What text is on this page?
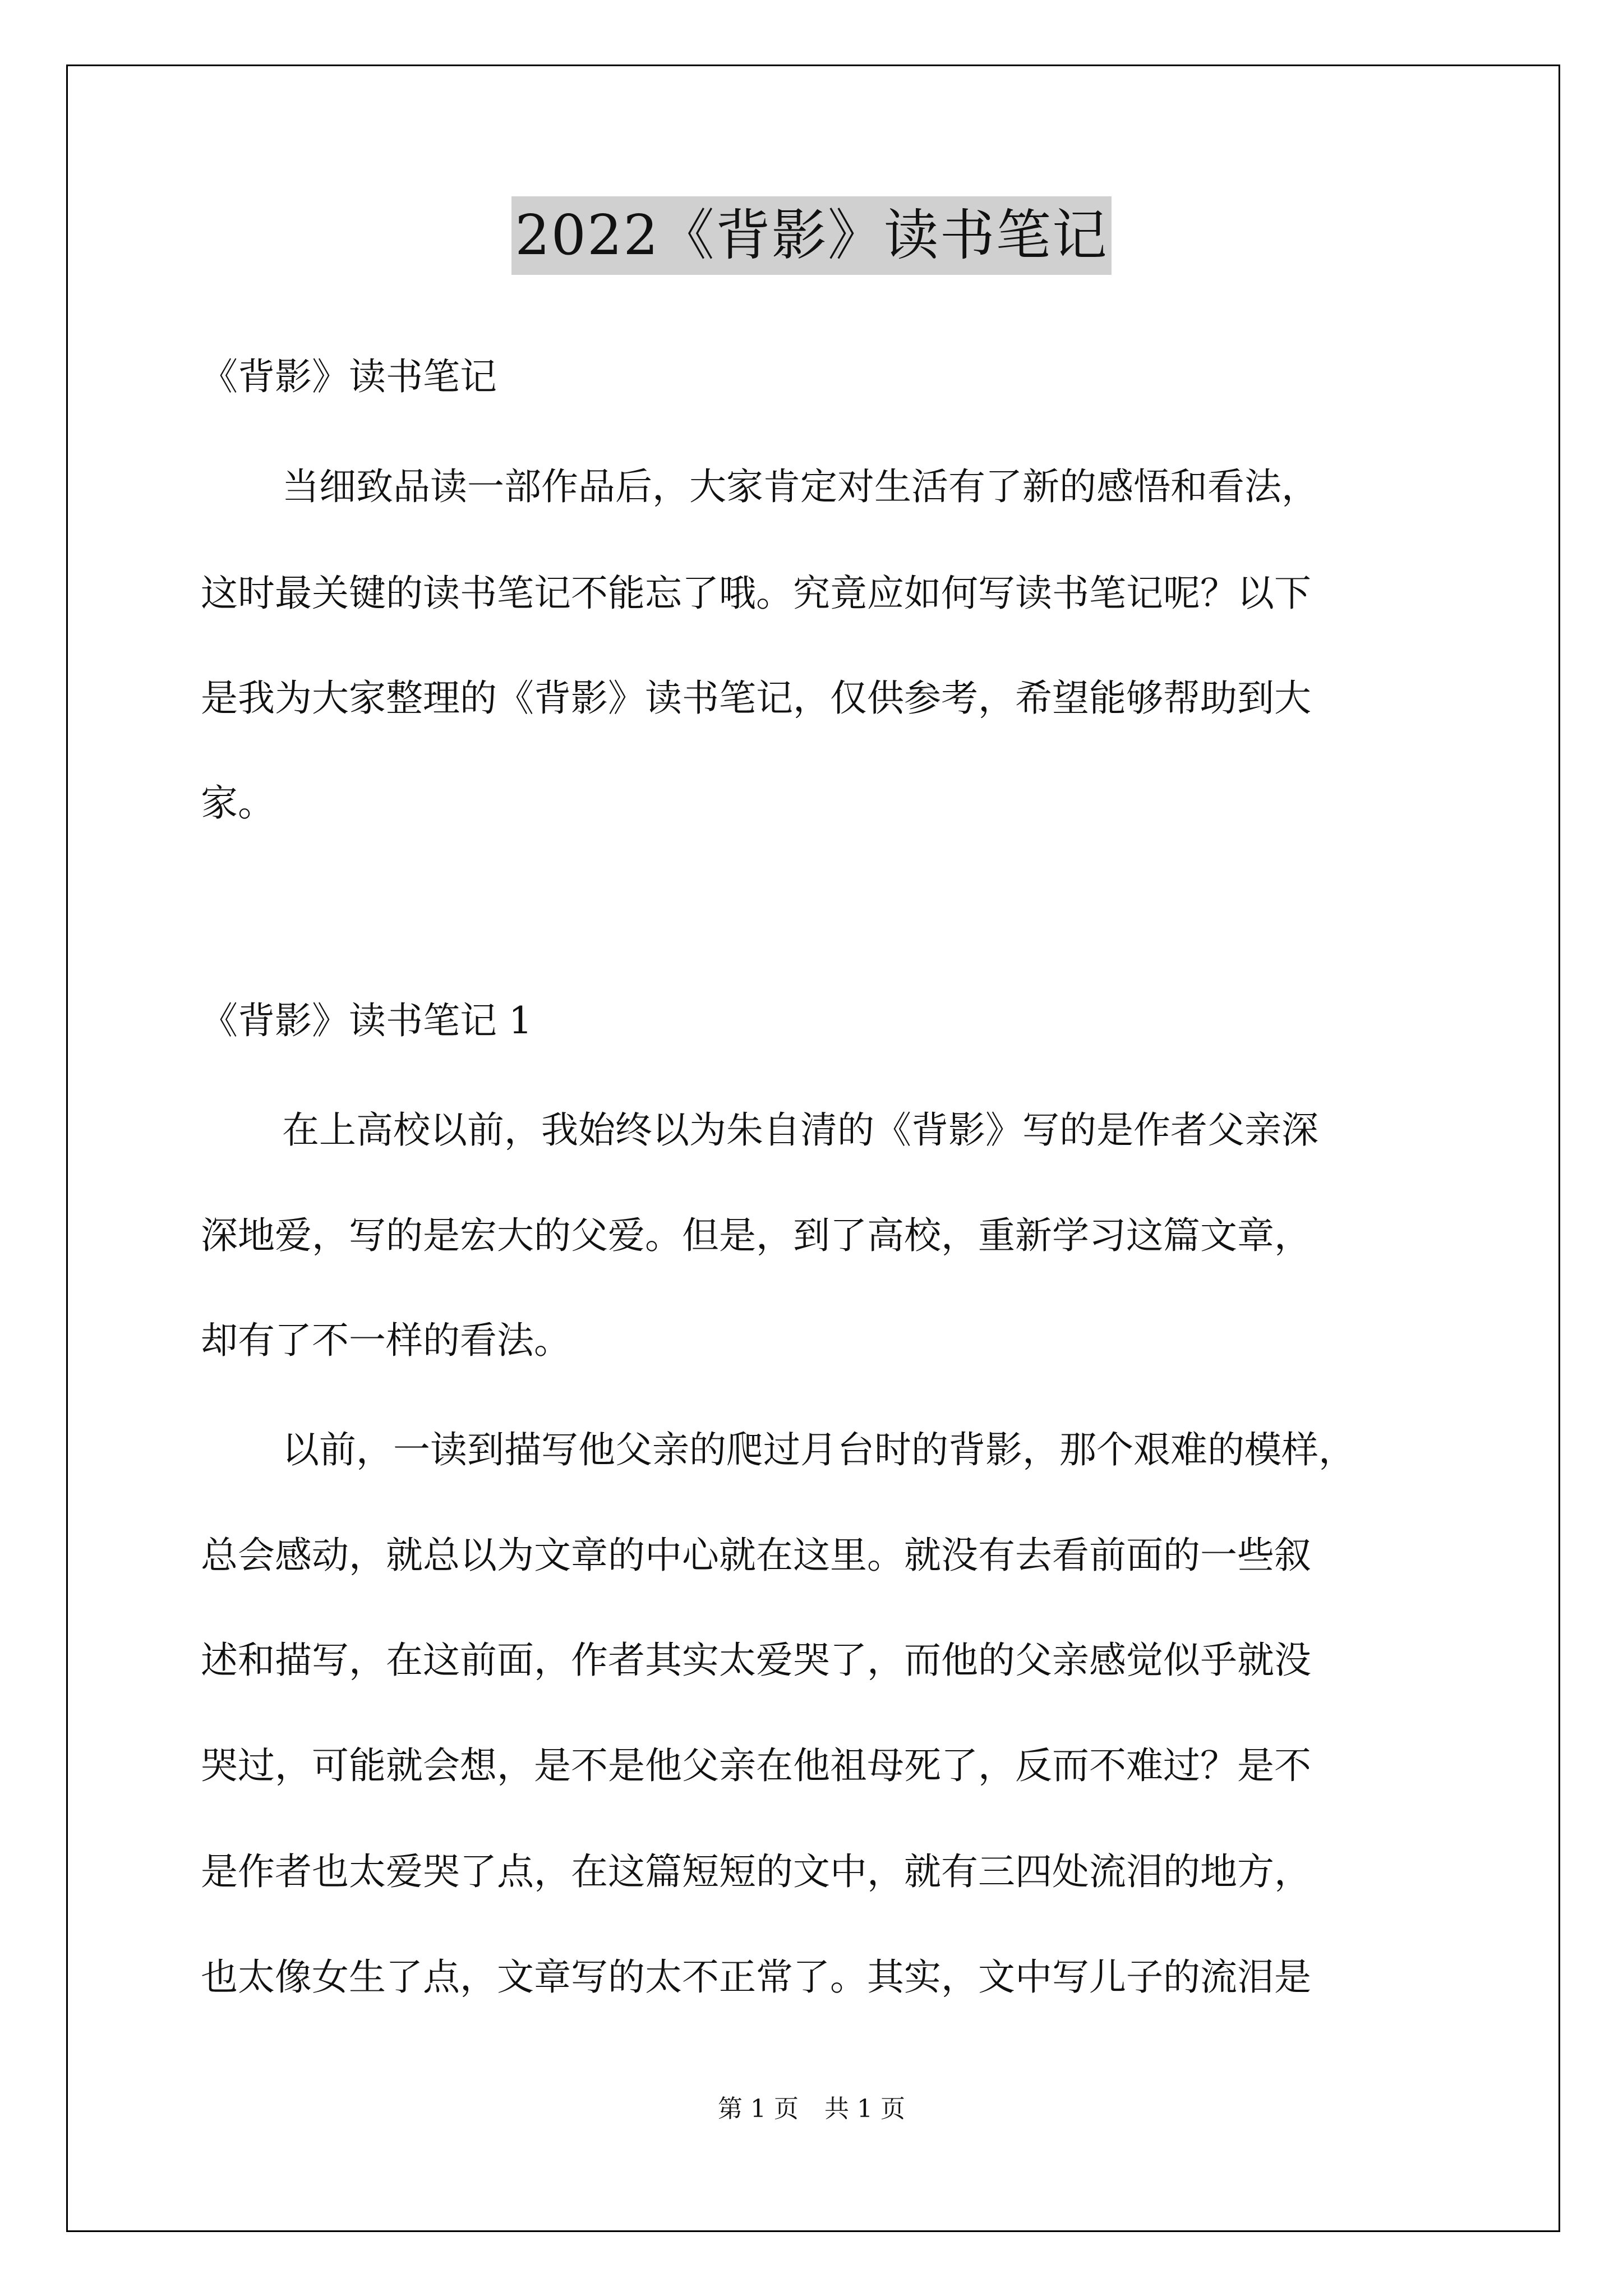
2022《背影》读书笔记
《背影》读书笔记
当细致品读一部作品后，大家肯定对生活有了新的感悟和看法，
这时最关键的读书笔记不能忘了哦。究竟应如何写读书笔记呢？以下
是我为大家整理的《背影》读书笔记，仅供参考，希望能够帮助到大
家。
《背影》读书笔记 1
在上高校以前，我始终以为朱自清的《背影》写的是作者父亲深
深地爱，写的是宏大的父爱。但是，到了高校，重新学习这篇文章，
却有了不一样的看法。
以前，一读到描写他父亲的爬过月台时的背影，那个艰难的模样，
总会感动，就总以为文章的中心就在这里。就没有去看前面的一些叙
述和描写，在这前面，作者其实太爱哭了，而他的父亲感觉似乎就没
哭过，可能就会想，是不是他父亲在他祖母死了，反而不难过？是不
是作者也太爱哭了点，在这篇短短的文中，就有三四处流泪的地方，
也太像女生了点，文章写的太不正常了。其实，文中写儿子的流泪是
第 1 页 共 1 页
